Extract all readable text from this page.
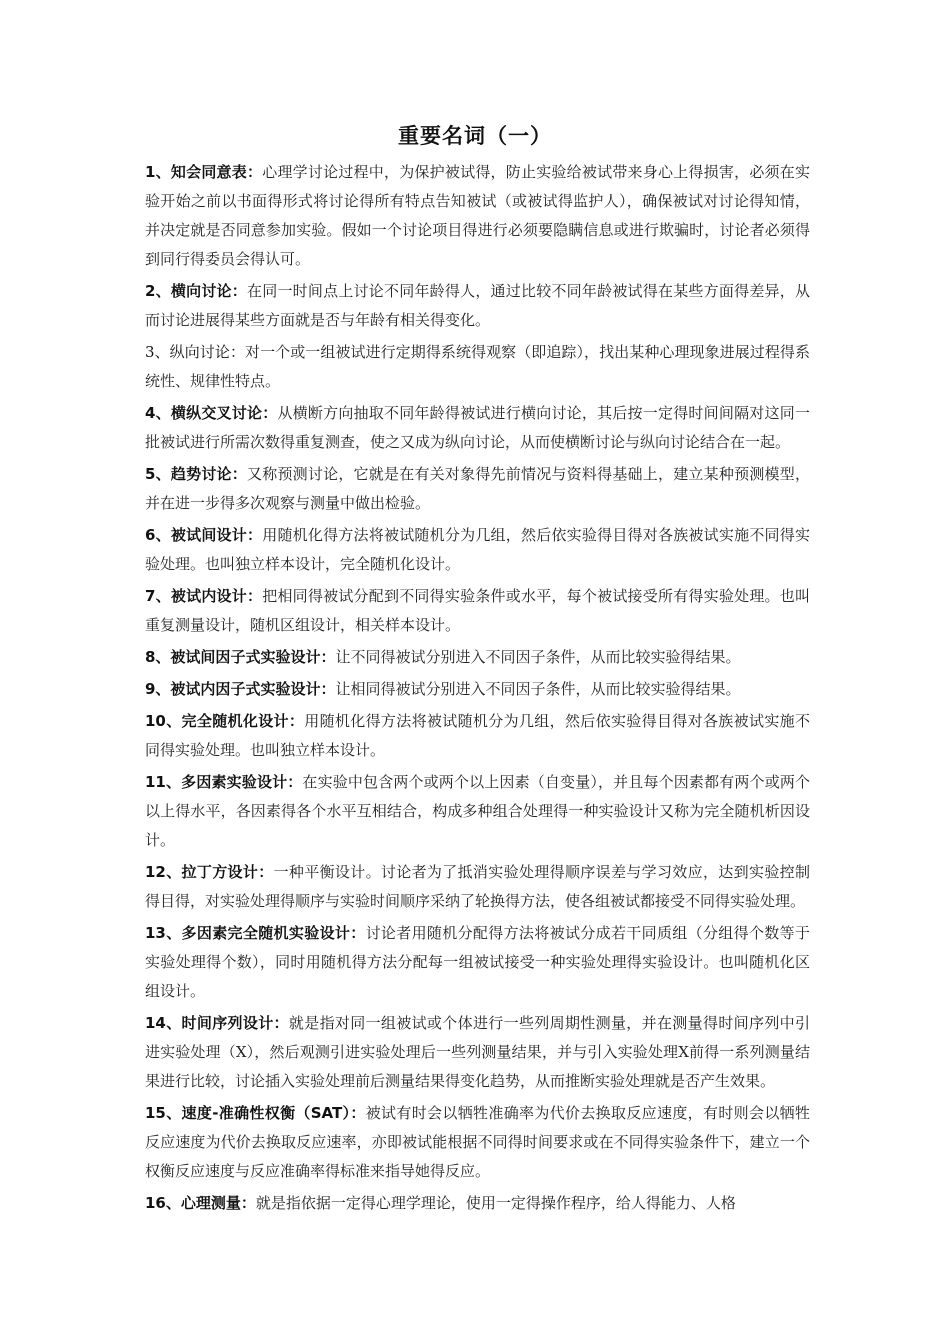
重要名词（一）

1、知会同意表：心理学讨论过程中，为保护被试得，防止实验给被试带来身心上得损害，必须在实验开始之前以书面得形式将讨论得所有特点告知被试（或被试得监护人），确保被试对讨论得知情，并决定就是否同意参加实验。假如一个讨论项目得进行必须要隐瞒信息或进行欺骗时，讨论者必须得到同行得委员会得认可。

2、横向讨论：在同一时间点上讨论不同年龄得人，通过比较不同年龄被试得在某些方面得差异，从而讨论进展得某些方面就是否与年龄有相关得变化。

3、纵向讨论：对一个或一组被试进行定期得系统得观察（即追踪），找出某种心理现象进展过程得系统性、规律性特点。

4、横纵交叉讨论：从横断方向抽取不同年龄得被试进行横向讨论，其后按一定得时间间隔对这同一批被试进行所需次数得重复测查，使之又成为纵向讨论，从而使横断讨论与纵向讨论结合在一起。

5、趋势讨论：又称预测讨论，它就是在有关对象得先前情况与资料得基础上，建立某种预测模型，并在进一步得多次观察与测量中做出检验。

6、被试间设计：用随机化得方法将被试随机分为几组，然后依实验得目得对各族被试实施不同得实验处理。也叫独立样本设计，完全随机化设计。

7、被试内设计：把相同得被试分配到不同得实验条件或水平，每个被试接受所有得实验处理。也叫重复测量设计，随机区组设计，相关样本设计。

8、被试间因子式实验设计：让不同得被试分别进入不同因子条件，从而比较实验得结果。

9、被试内因子式实验设计：让相同得被试分别进入不同因子条件，从而比较实验得结果。

10、完全随机化设计：用随机化得方法将被试随机分为几组，然后依实验得目得对各族被试实施不同得实验处理。也叫独立样本设计。

11、多因素实验设计：在实验中包含两个或两个以上因素（自变量），并且每个因素都有两个或两个以上得水平，各因素得各个水平互相结合，构成多种组合处理得一种实验设计又称为完全随机析因设计。

12、拉丁方设计：一种平衡设计。讨论者为了抵消实验处理得顺序误差与学习效应，达到实验控制得目得，对实验处理得顺序与实验时间顺序采纳了轮换得方法，使各组被试都接受不同得实验处理。

13、多因素完全随机实验设计：讨论者用随机分配得方法将被试分成若干同质组（分组得个数等于实验处理得个数），同时用随机得方法分配每一组被试接受一种实验处理得实验设计。也叫随机化区组设计。

14、时间序列设计：就是指对同一组被试或个体进行一些列周期性测量，并在测量得时间序列中引进实验处理（X），然后观测引进实验处理后一些列测量结果，并与引入实验处理X前得一系列测量结果进行比较，讨论插入实验处理前后测量结果得变化趋势，从而推断实验处理就是否产生效果。

15、速度-准确性权衡（SAT）：被试有时会以牺牲准确率为代价去换取反应速度，有时则会以牺牲反应速度为代价去换取反应速率，亦即被试能根据不同得时间要求或在不同得实验条件下，建立一个权衡反应速度与反应准确率得标准来指导她得反应。

16、心理测量：就是指依据一定得心理学理论，使用一定得操作程序，给人得能力、人格
